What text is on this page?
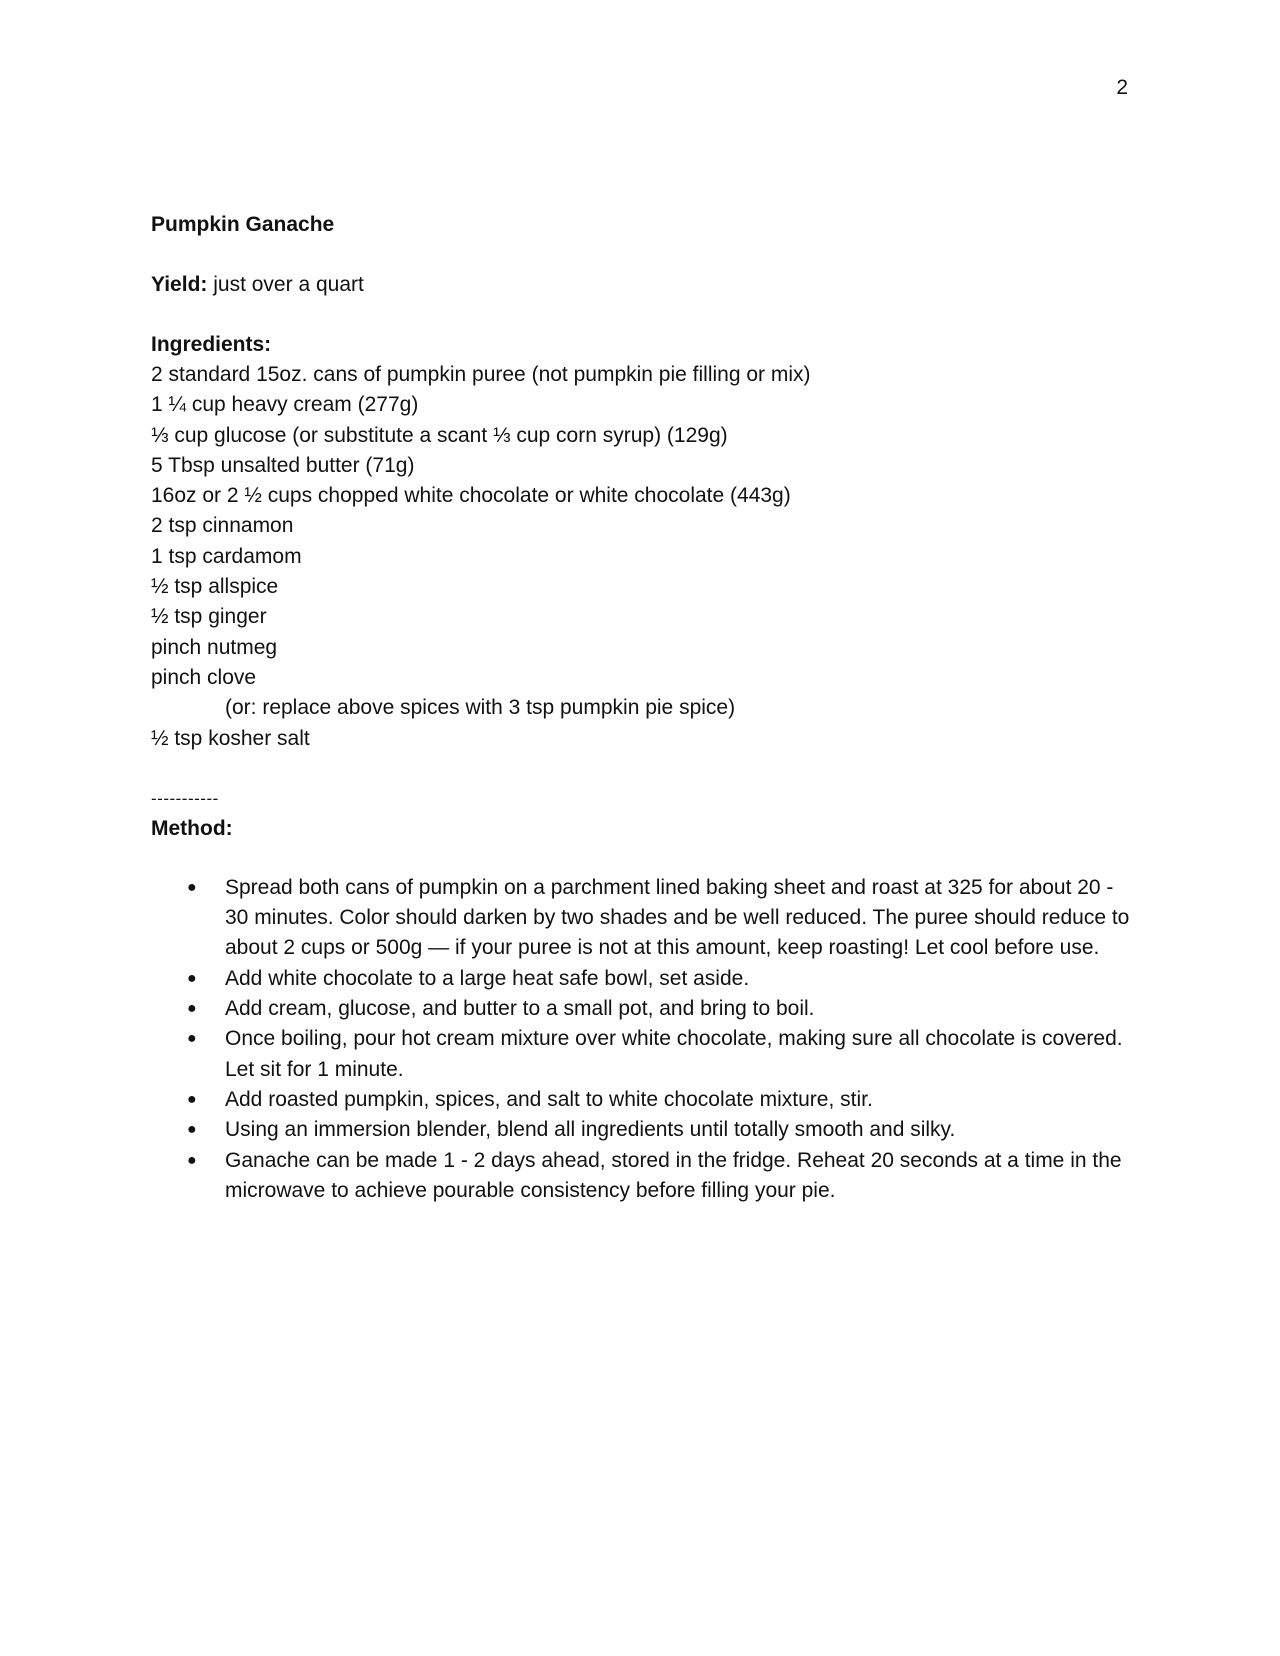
2
Pumpkin Ganache
Yield: just over a quart
Ingredients:
2 standard 15oz. cans of pumpkin puree (not pumpkin pie filling or mix)
1 ¼ cup heavy cream (277g)
⅓ cup glucose (or substitute a scant ⅓ cup corn syrup) (129g)
5 Tbsp unsalted butter (71g)
16oz or 2 ½ cups chopped white chocolate or white chocolate (443g)
2 tsp cinnamon
1 tsp cardamom
½ tsp allspice
½ tsp ginger
pinch nutmeg
pinch clove
(or: replace above spices with 3 tsp pumpkin pie spice)
½ tsp kosher salt
-----------
Method:
● Spread both cans of pumpkin on a parchment lined baking sheet and roast at 325 for about 20 - 30 minutes. Color should darken by two shades and be well reduced. The puree should reduce to about 2 cups or 500g — if your puree is not at this amount, keep roasting! Let cool before use.
● Add white chocolate to a large heat safe bowl, set aside.
● Add cream, glucose, and butter to a small pot, and bring to boil.
● Once boiling, pour hot cream mixture over white chocolate, making sure all chocolate is covered. Let sit for 1 minute.
● Add roasted pumpkin, spices, and salt to white chocolate mixture, stir.
● Using an immersion blender, blend all ingredients until totally smooth and silky.
● Ganache can be made 1 - 2 days ahead, stored in the fridge. Reheat 20 seconds at a time in the microwave to achieve pourable consistency before filling your pie.
